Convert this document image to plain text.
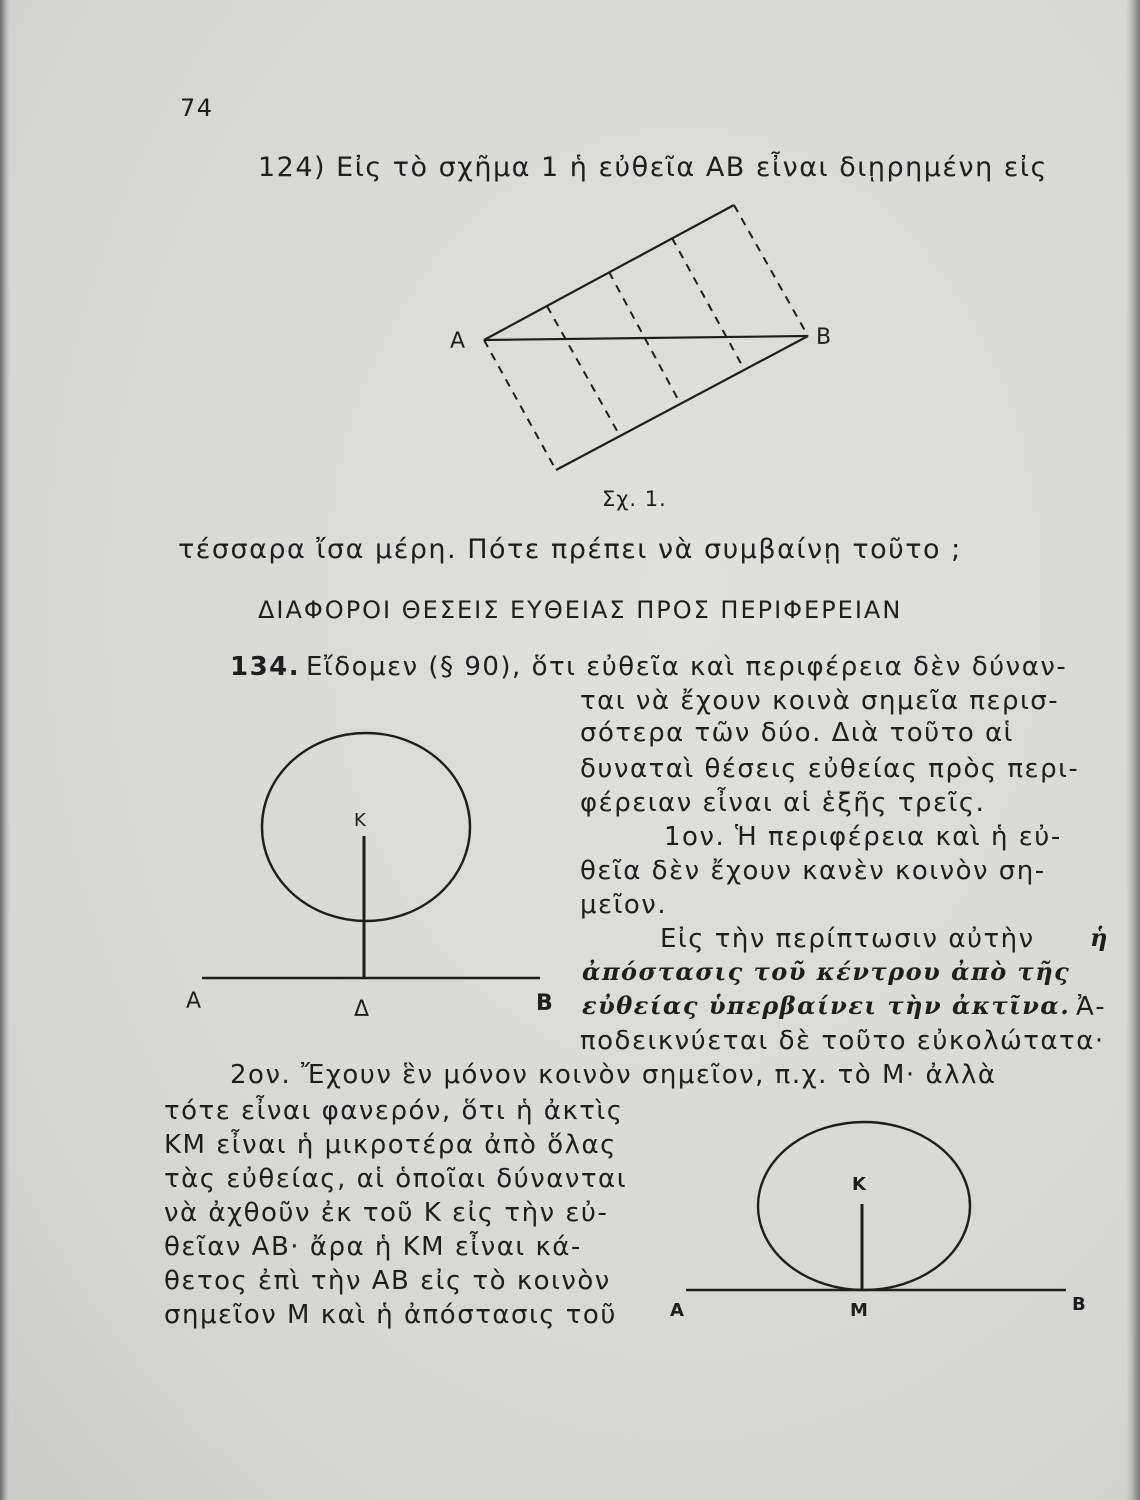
74
124) Εἰς τὸ σχῆμα 1 ἡ εὐθεῖα ΑΒ εἶναι διῃρημένη εἰς
Α	Β
Σχ. 1.
τέσσαρα ἴσα μέρη. Πότε πρέπει νὰ συμβαίνῃ τοῦτο ;
ΔΙΑΦΟΡΟΙ ΘΕΣΕΙΣ ΕΥΘΕΙΑΣ ΠΡΟΣ ΠΕΡΙΦΕΡΕΙΑΝ
134. Εἴδομεν (§ 90), ὅτι εὐθεῖα καὶ περιφέρεια δὲν δύναν-
ται νὰ ἔχουν κοινὰ σημεῖα περισ-
σότερα τῶν δύο. Διὰ τοῦτο αἱ
δυναταὶ θέσεις εὐθείας πρὸς περι-
φέρειαν εἶναι αἱ ἑξῆς τρεῖς.
1ον. Ἡ περιφέρεια καὶ ἡ εὐ-
θεῖα δὲν ἔχουν κανὲν κοινὸν ση-
μεῖον.
Εἰς τὴν περίπτωσιν αὐτὴν ἡ
ἀπόστασις τοῦ κέντρου ἀπὸ τῆς
εὐθείας ὑπερβαίνει τὴν ἀκτῖνα. Ἀ-
ποδεικνύεται δὲ τοῦτο εὐκολώτατα·
2ον. Ἔχουν ἓν μόνον κοινὸν σημεῖον, π.χ. τὸ Μ· ἀλλὰ
τότε εἶναι φανερόν, ὅτι ἡ ἀκτὶς
ΚΜ εἶναι ἡ μικροτέρα ἀπὸ ὅλας
τὰς εὐθείας, αἱ ὁποῖαι δύνανται
νὰ ἀχθοῦν ἐκ τοῦ Κ εἰς τὴν εὐ-
θεῖαν ΑΒ· ἄρα ἡ ΚΜ εἶναι κά-
θετος ἐπὶ τὴν ΑΒ εἰς τὸ κοινὸν
σημεῖον Μ καὶ ἡ ἀπόστασις τοῦ
Κ
Α	Δ	Β
Κ
Α	Μ	Β
